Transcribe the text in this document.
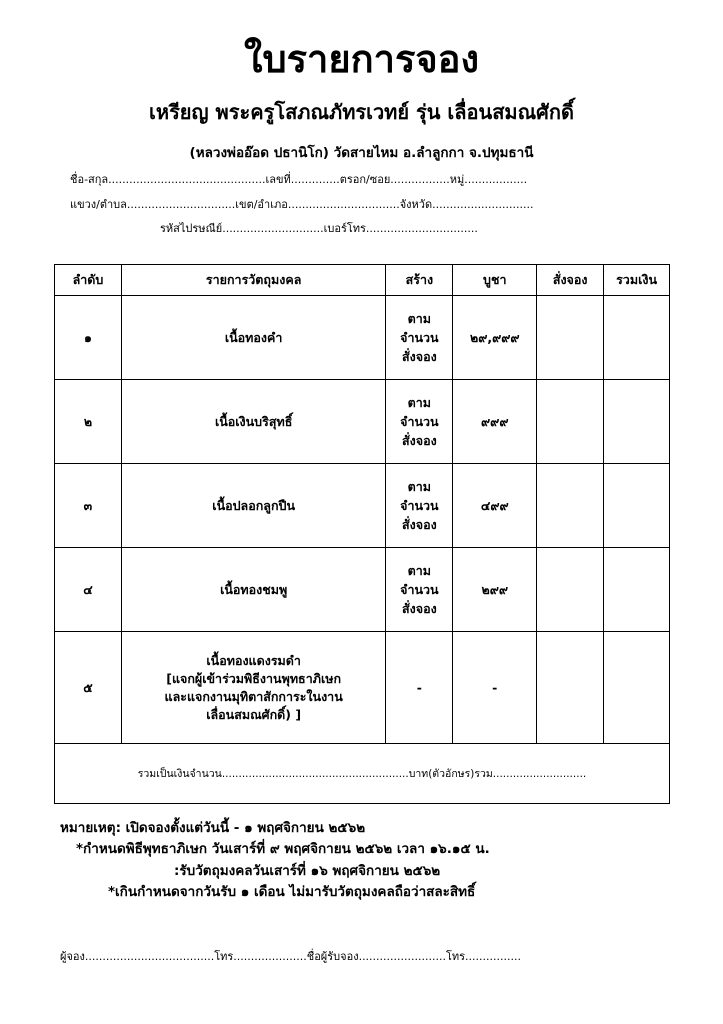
ใบรายการจอง
เหรียญ พระครูโสภณภัทรเวทย์ รุ่น เลื่อนสมณศักดิ์
(หลวงพ่ออ๊อด ปธานิโก) วัดสายไหม อ.ลำลูกกา จ.ปทุมธานี
ชื่อ-สกุล.............................................เลขที่..............ตรอก/ซอย.................หมู่..................
แขวง/ตำบล...............................เขต/อำเภอ................................จังหวัด.............................
รหัสไปรษณีย์.............................เบอร์โทร................................
ลำดับ	รายการวัตถุมงคล	สร้าง	บูชา	สั่งจอง	รวมเงิน
๑	เนื้อทองคำ	ตาม
จำนวน
สั่งจอง	๒๙,๙๙๙		
๒	เนื้อเงินบริสุทธิ์	ตาม
จำนวน
สั่งจอง	๙๙๙		
๓	เนื้อปลอกลูกปืน	ตาม
จำนวน
สั่งจอง	๔๙๙		
๔	เนื้อทองชมพู	ตาม
จำนวน
สั่งจอง	๒๙๙		
๕	เนื้อทองแดงรมดำ
[แจกผู้เข้าร่วมพิธีงานพุทธาภิเษก
และแจกงานมุทิตาสักการะในงาน
เลื่อนสมณศักดิ์) ]	-	-		
รวมเป็นเงินจำนวน........................................................บาท(ตัวอักษร)รวม............................					
หมายเหตุ: เปิดจองตั้งแต่วันนี้ - ๑ พฤศจิกายน ๒๕๖๒
*กำหนดพิธีพุทธาภิเษก วันเสาร์ที่ ๙ พฤศจิกายน ๒๕๖๒ เวลา ๑๖.๑๕ น.
:รับวัตถุมงคลวันเสาร์ที่ ๑๖ พฤศจิกายน ๒๕๖๒
*เกินกำหนดจากวันรับ ๑ เดือน ไม่มารับวัตถุมงคลถือว่าสละสิทธิ์
ผู้จอง.....................................โทร.....................ชื่อผู้รับจอง.........................โทร................
